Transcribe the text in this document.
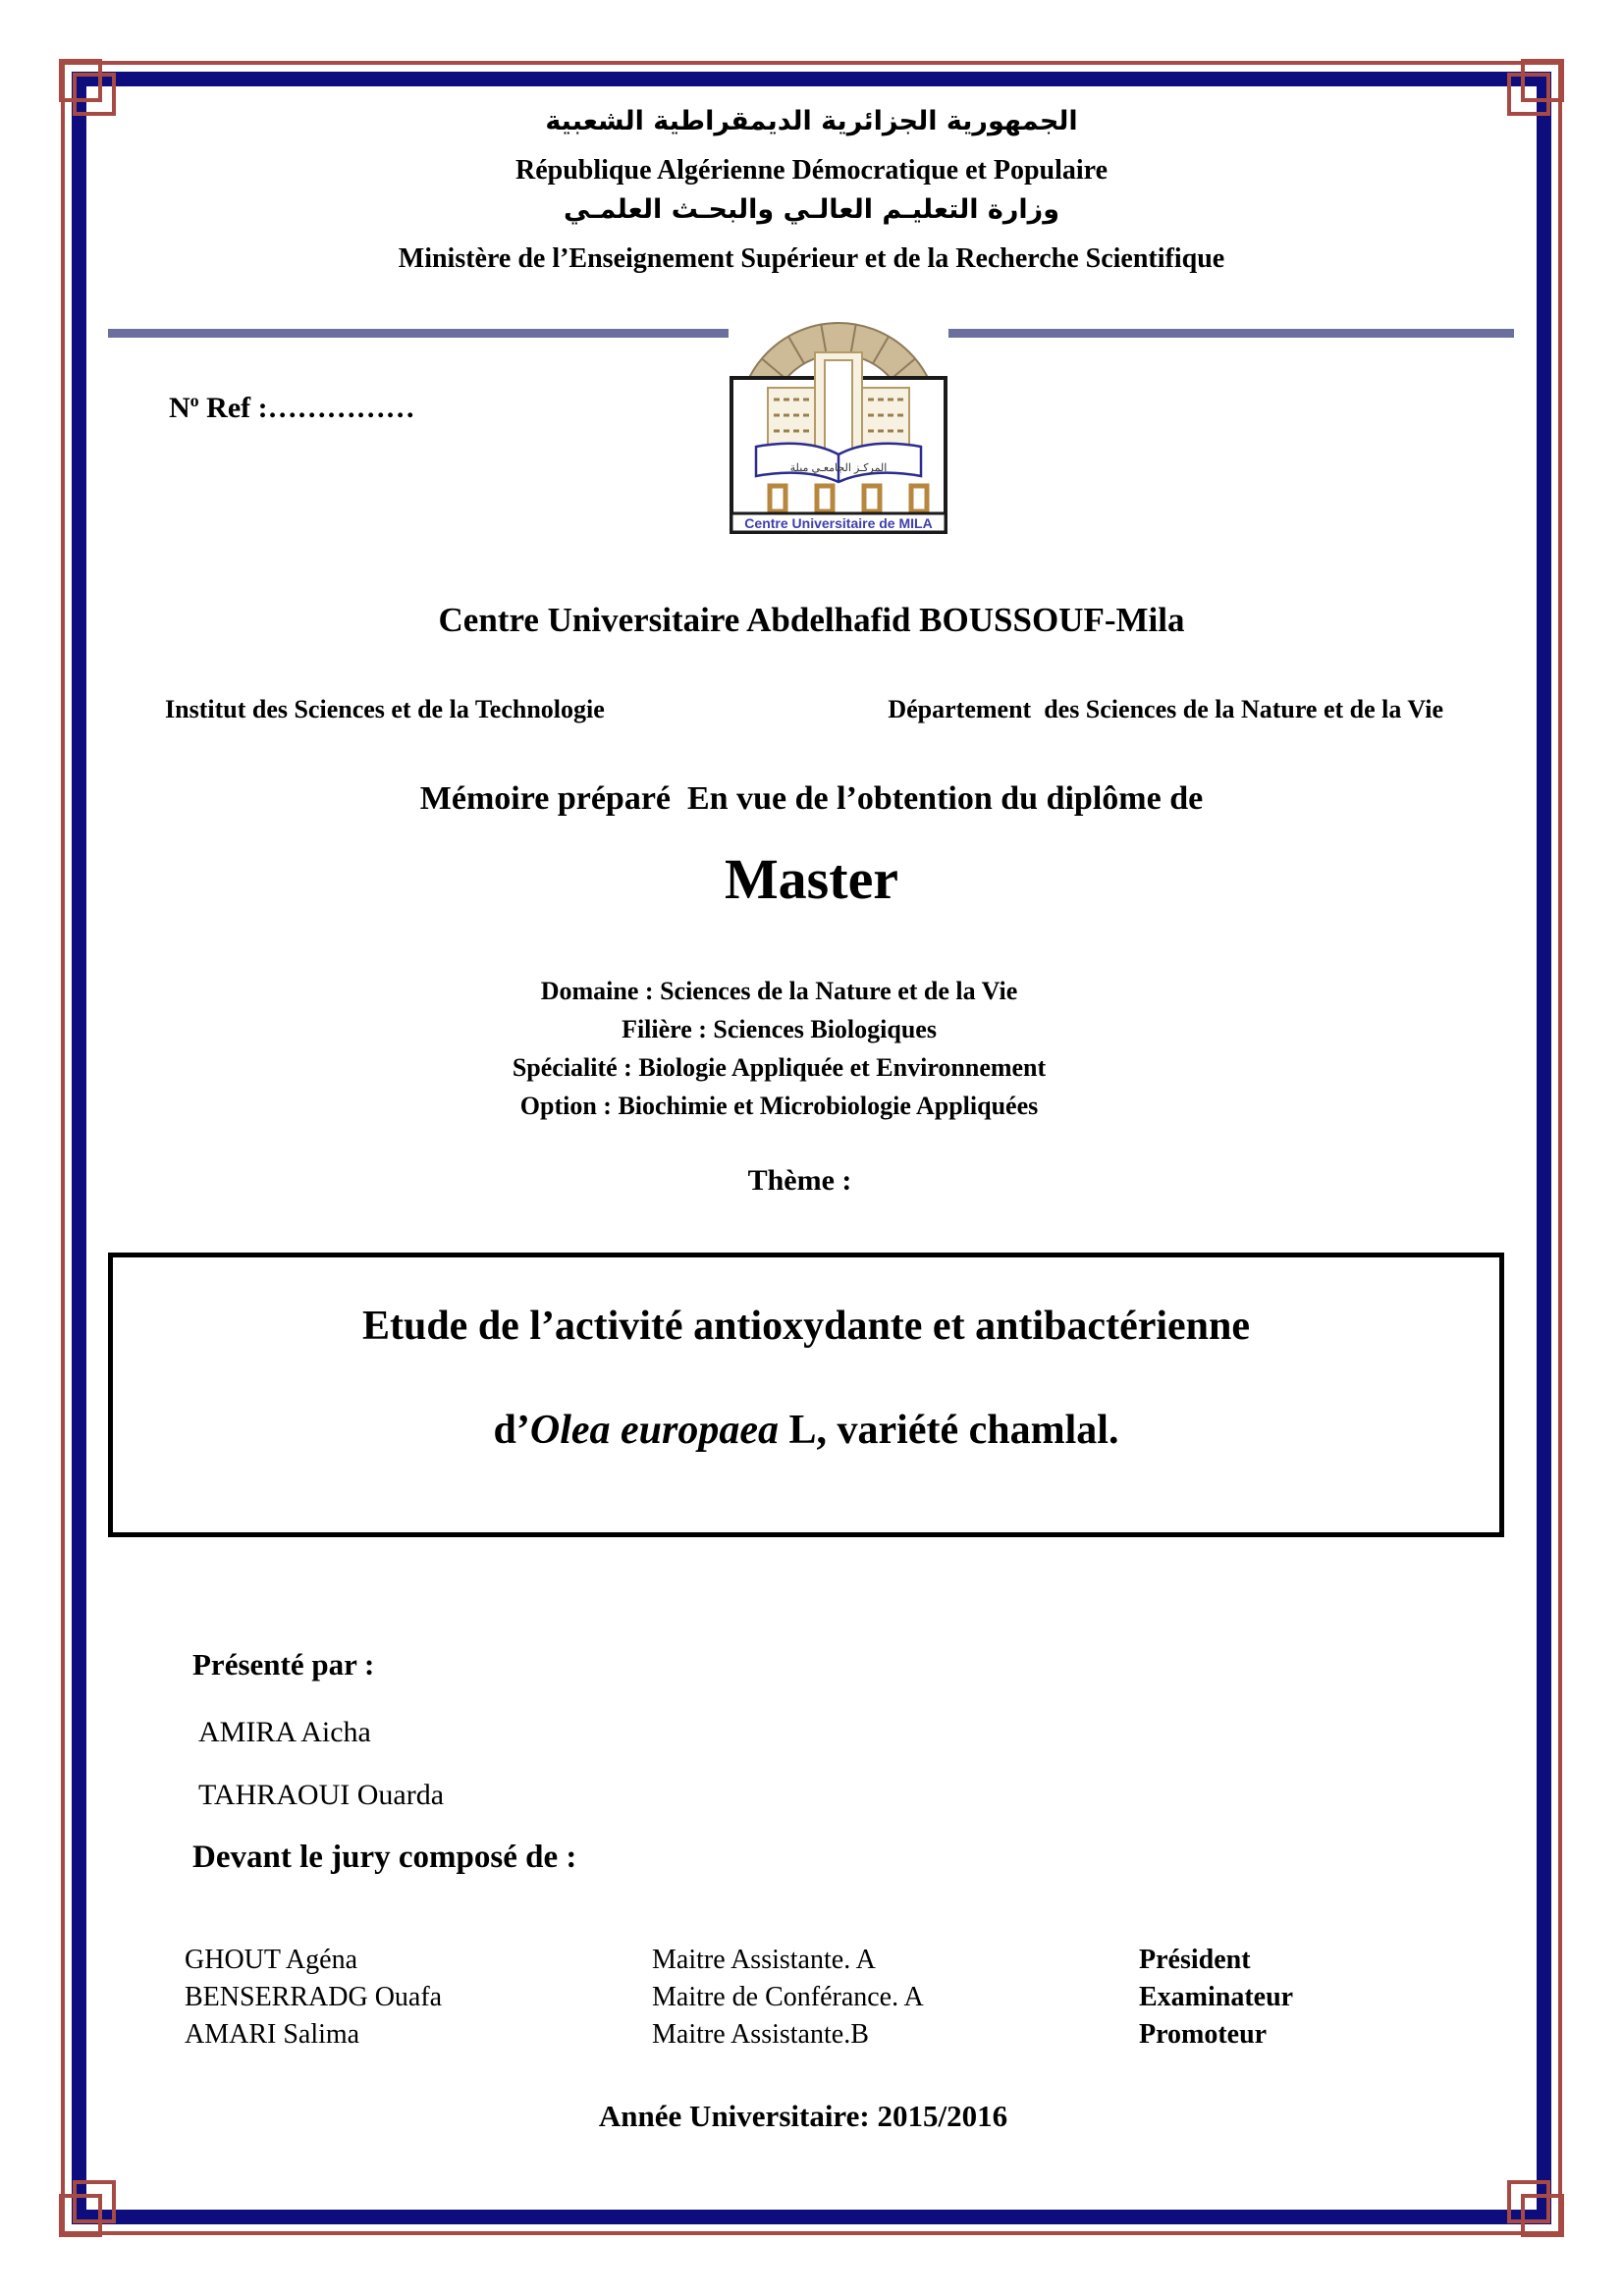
الجمهورية الجزائرية الديمقراطية الشعبية
République Algérienne Démocratique et Populaire
وزارة التعليـم العالـي والبحـث العلمـي
Ministère de l’Enseignement Supérieur et de la Recherche Scientifique
$N^o$ Ref :……………
المركـز الجامعـي ميلة
Centre Universitaire de MILA
Centre Universitaire Abdelhafid BOUSSOUF-Mila
Institut des Sciences et de la Technologie	Département  des Sciences de la Nature et de la Vie
Mémoire préparé  En vue de l’obtention du diplôme de
Master
Domaine : Sciences de la Nature et de la Vie
Filière : Sciences Biologiques
Spécialité : Biologie Appliquée et Environnement
Option : Biochimie et Microbiologie Appliquées
Thème :
Etude de l’activité antioxydante et antibactérienne
d’Olea europaea L, variété chamlal.
Présenté par :
AMIRA Aicha
TAHRAOUI Ouarda
Devant le jury composé de :
GHOUT Agéna	Maitre Assistante. A	Président
BENSERRADG Ouafa	Maitre de Conférance. A	Examinateur
AMARI Salima	Maitre Assistante.B	Promoteur
Année Universitaire: 2015/2016
